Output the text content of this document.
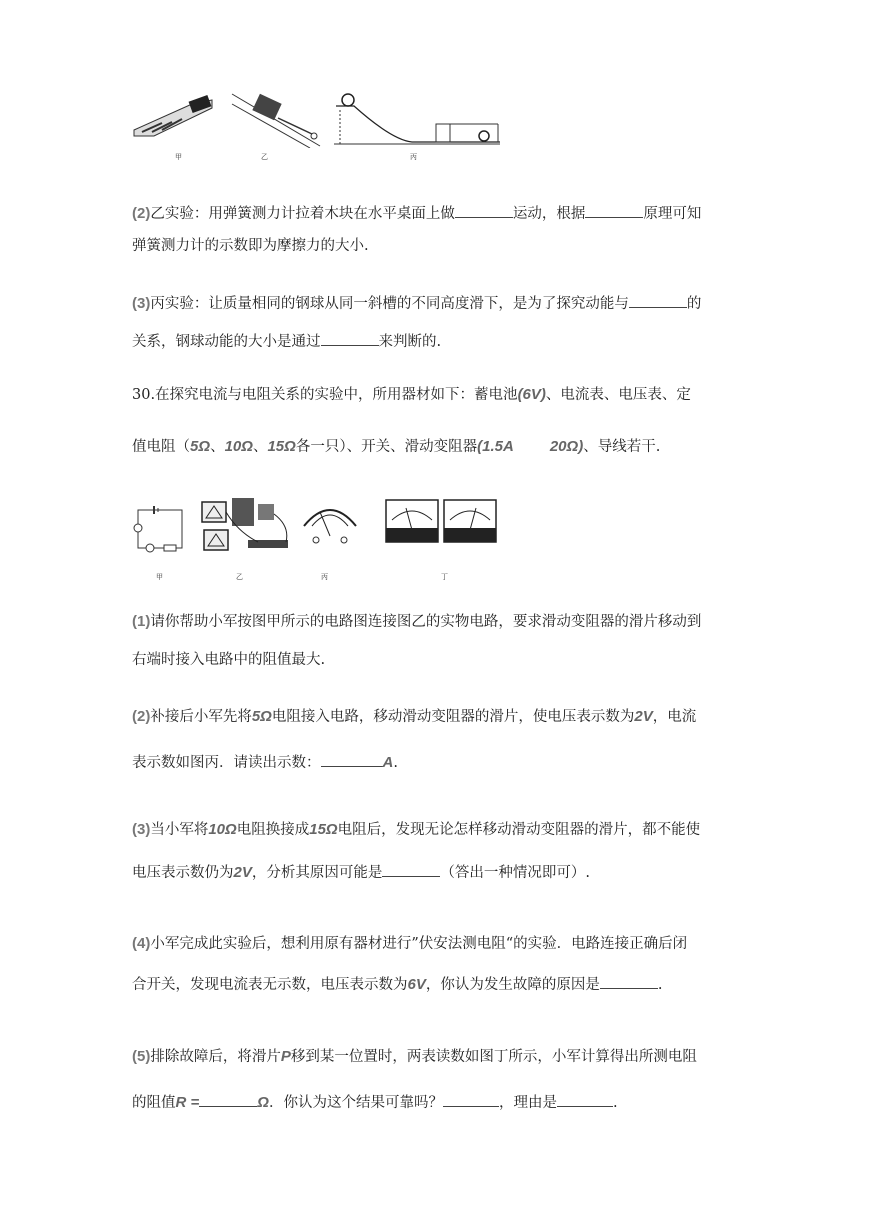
甲	乙	丙
(2)乙实验：用弹簧测力计拉着木块在水平桌面上做	运动，根据	原理可知
弹簧测力计的示数即为摩擦力的大小.
(3)丙实验：让质量相同的钢球从同一斜槽的不同高度滑下，是为了探究动能与	的
关系，钢球动能的大小是通过	来判断的.
30.在探究电流与电阻关系的实验中，所用器材如下：蓄电池(6V)、电流表、电压表、定
值电阻（5Ω、10Ω、15Ω各一只）、开关、滑动变阻器(1.5A 20Ω)、导线若干.
甲	乙	丙	丁
(1)请你帮助小军按图甲所示的电路图连接图乙的实物电路，要求滑动变阻器的滑片移动到
右端时接入电路中的阻值最大.
(2)补接后小军先将5Ω电阻接入电路，移动滑动变阻器的滑片，使电压表示数为2V，电流
表示数如图丙．请读出示数：	A.
(3)当小军将10Ω电阻换接成15Ω电阻后，发现无论怎样移动滑动变阻器的滑片，都不能使
电压表示数仍为2V，分析其原因可能是	（答出一种情况即可）.
(4)小军完成此实验后，想利用原有器材进行”伏安法测电阻“的实验．电路连接正确后闭
合开关，发现电流表无示数，电压表示数为6V，你认为发生故障的原因是	.
(5)排除故障后，将滑片P移到某一位置时，两表读数如图丁所示，小军计算得出所测电阻
的阻值R =	Ω．你认为这个结果可靠吗？	，理由是	.
